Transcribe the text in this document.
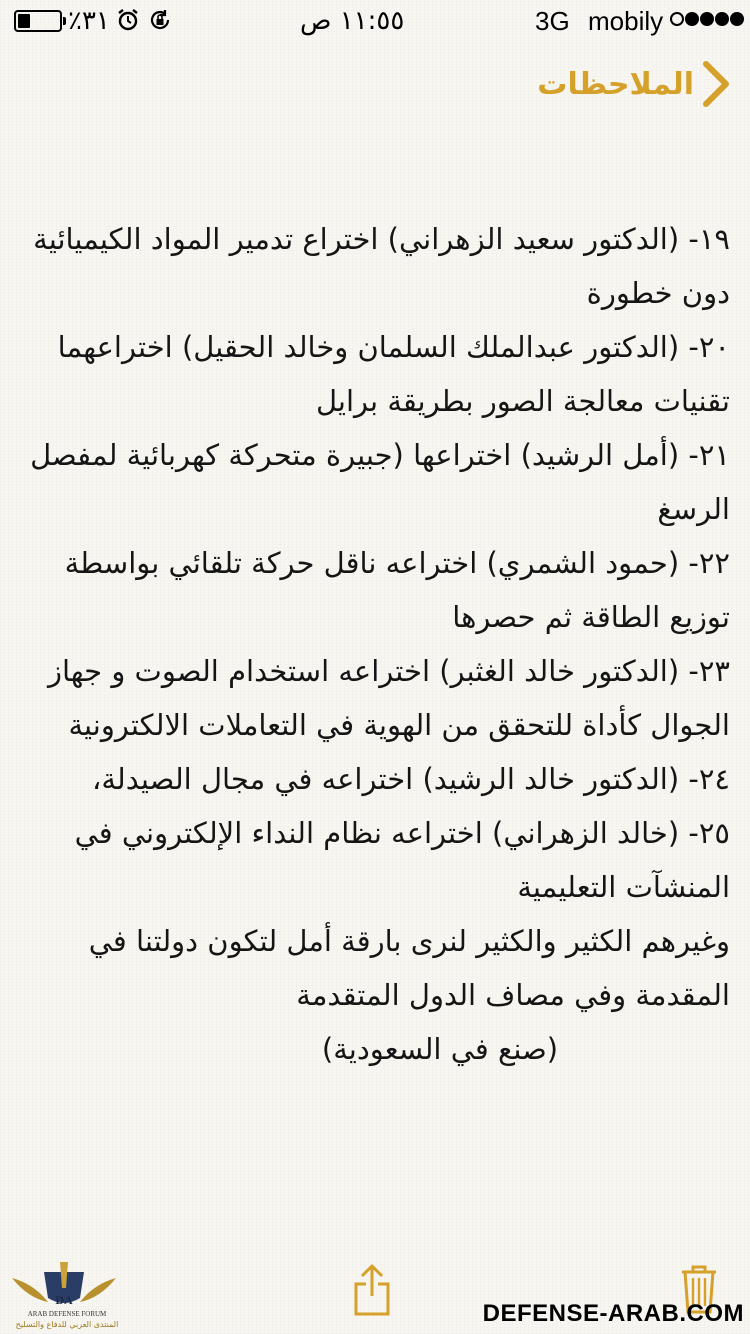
٪٣١	١١:٥٥ ص	3G mobily
الملاحظات
١٩- (الدكتور سعيد الزهراني) اختراع تدمير المواد الكيميائية دون خطورة
٢٠- (الدكتور عبدالملك السلمان وخالد الحقيل) اختراعهما تقنيات معالجة الصور بطريقة برايل
٢١- (أمل الرشيد) اختراعها (جبيرة متحركة كهربائية لمفصل الرسغ
٢٢- (حمود الشمري) اختراعه ناقل حركة تلقائي بواسطة توزيع الطاقة ثم حصرها
٢٣- (الدكتور خالد الغثبر) اختراعه استخدام الصوت و جهاز الجوال كأداة للتحقق من الهوية في التعاملات الالكترونية
٢٤- (الدكتور خالد الرشيد) اختراعه في مجال الصيدلة،
٢٥- (خالد الزهراني) اختراعه نظام النداء الإلكتروني في المنشآت التعليمية
وغيرهم الكثير والكثير لنرى بارقة أمل لتكون دولتنا في المقدمة وفي مصاف الدول المتقدمة
(صنع في السعودية)
DA
ARAB DEFENSE FORUM
المنتدى العربي للدفاع والتسليح	DEFENSE-ARAB.COM
